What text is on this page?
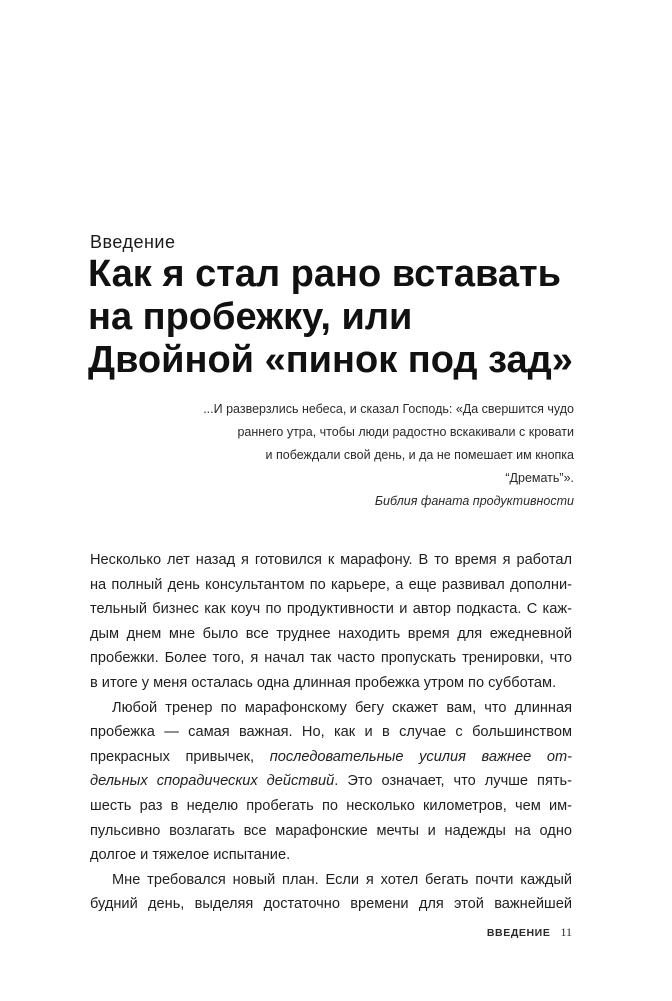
Введение
Как я стал рано вставать
на пробежку, или
Двойной «пинок под зад»
...И разверзлись небеса, и сказал Господь: «Да свершится чудо
раннего утра, чтобы люди радостно вскакивали с кровати
и побеждали свой день, и да не помешает им кнопка
“Дремать”».
Библия фаната продуктивности
Несколько лет назад я готовился к марафону. В то время я работал
на полный день консультантом по карьере, а еще развивал дополни-
тельный бизнес как коуч по продуктивности и автор подкаста. С каж-
дым днем мне было все труднее находить время для ежедневной
пробежки. Более того, я начал так часто пропускать тренировки, что
в итоге у меня осталась одна длинная пробежка утром по субботам.
Любой тренер по марафонскому бегу скажет вам, что длинная
пробежка — самая важная. Но, как и в случае с большинством
прекрасных привычек, последовательные усилия важнее от-
дельных спорадических действий. Это означает, что лучше пять-
шесть раз в неделю пробегать по несколько километров, чем им-
пульсивно возлагать все марафонские мечты и надежды на одно
долгое и тяжелое испытание.
Мне требовался новый план. Если я хотел бегать почти каждый
будний день, выделяя достаточно времени для этой важнейшей
ВВЕДЕНИЕ 11
